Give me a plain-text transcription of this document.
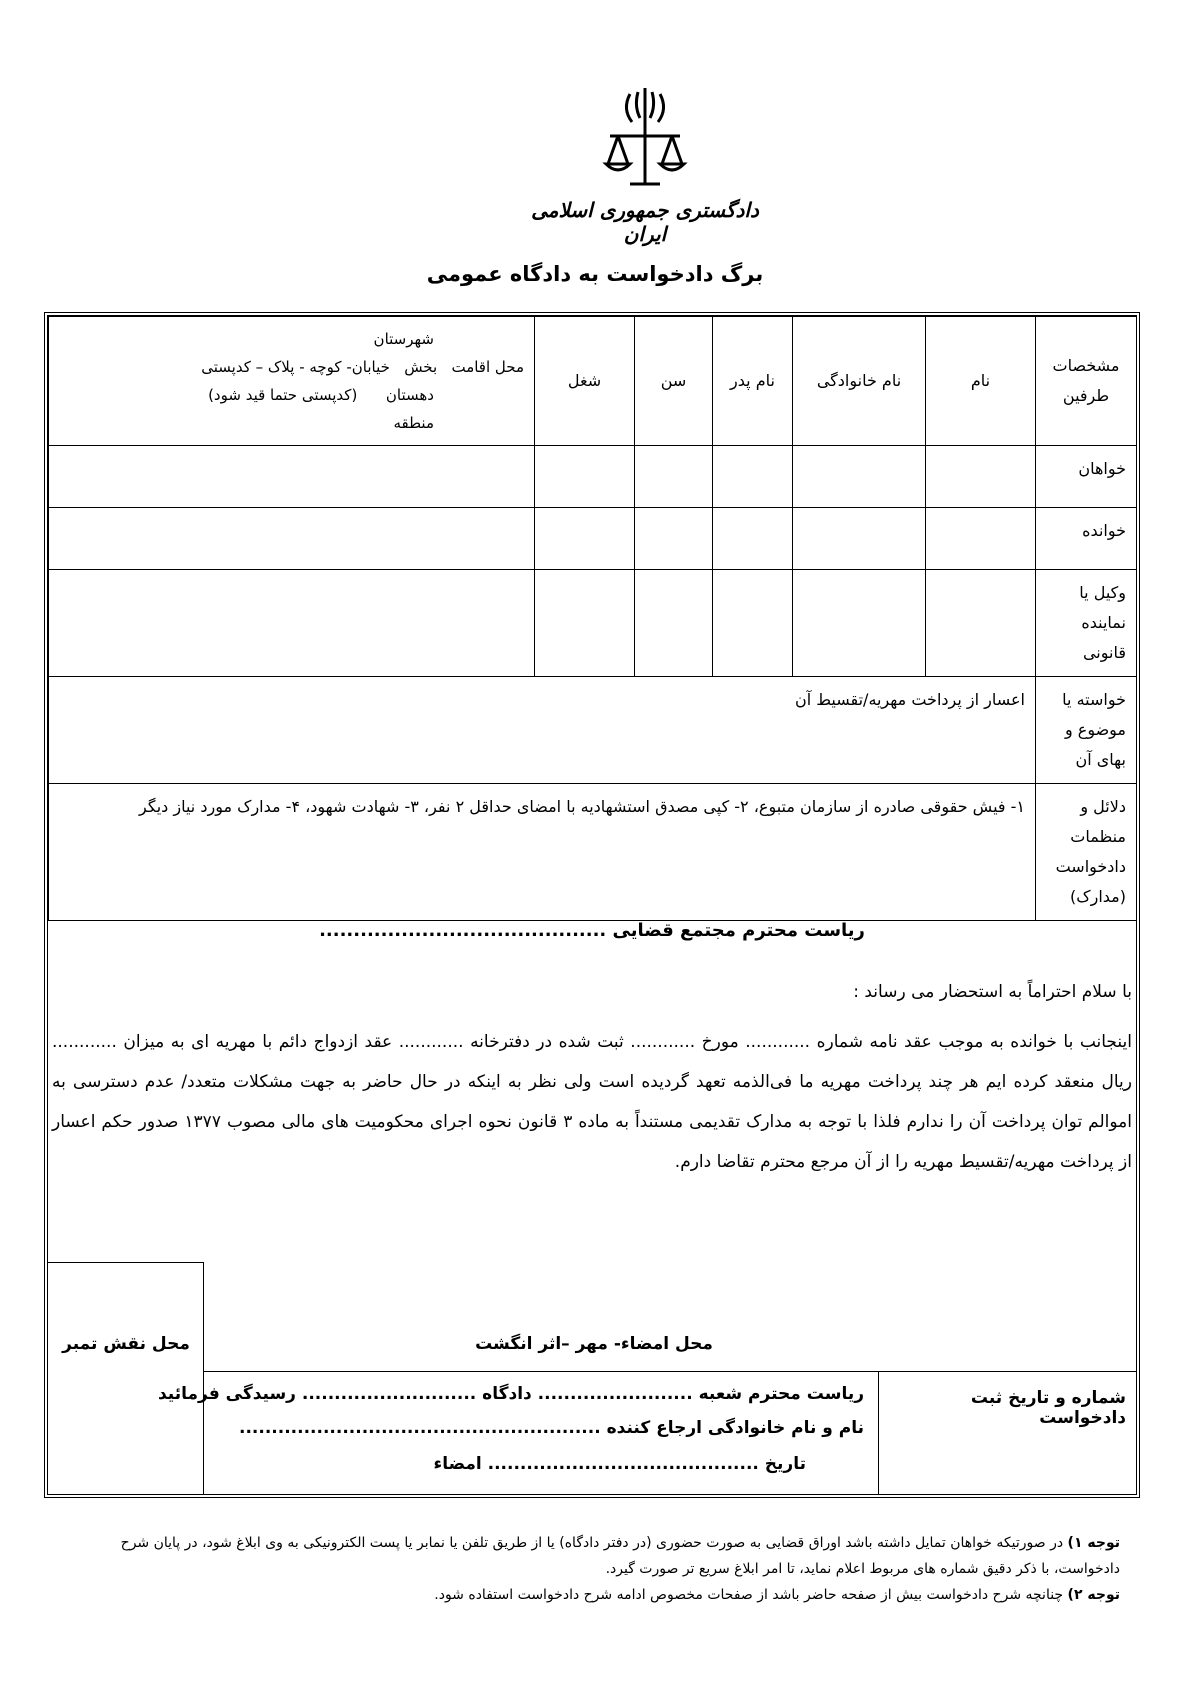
دادگستری جمهوری اسلامی ایران
برگ دادخواست به دادگاه عمومی
مشخصات طرفین	نام	نام خانوادگی	نام پدر	سن	شغل	شهرستان
محل اقامت   بخش   خیابان- کوچه - پلاک – کدپستی
دهستان      (کدپستی حتما قید شود)
منطقه

خواهان						
خوانده						
وکیل یا نماینده قانونی						
خواسته یا موضوع و بهای آن	اعسار از پرداخت مهریه/تقسیط آن					
دلائل و منظمات دادخواست (مدارک)	۱- فیش حقوقی صادره از سازمان متبوع، ۲- کپی مصدق استشهادیه با امضای حداقل ۲ نفر، ۳- شهادت شهود، ۴- مدارک مورد نیاز دیگر					
ریاست محترم مجتمع قضایی ..........................................
با سلام احتراماً به استحضار می رساند :
اینجانب با خوانده به موجب عقد نامه شماره ............ مورخ ............ ثبت شده در دفترخانه ............ عقد ازدواج دائم با مهریه ای به میزان ............ ریال منعقد کرده ایم هر چند پرداخت مهریه ما فی‌الذمه تعهد گردیده است ولی نظر به اینکه در حال حاضر به جهت مشکلات متعدد/ عدم دسترسی به اموالم توان پرداخت آن را ندارم فلذا با توجه به مدارک تقدیمی مستنداً به ماده ۳ قانون نحوه اجرای محکومیت های مالی مصوب ۱۳۷۷ صدور حکم اعسار از پرداخت مهریه/تقسیط مهریه را از آن مرجع محترم تقاضا دارم.
محل نقش تمبر	محل امضاء- مهر –اثر انگشت
شماره و تاریخ ثبت دادخواست
ریاست محترم شعبه ........................ دادگاه ........................... رسیدگی فرمائید
نام و نام خانوادگی ارجاع کننده ........................................................
تاریخ .......................................... امضاء
توجه ۱) در صورتیکه خواهان تمایل داشته باشد اوراق قضایی به صورت حضوری (در دفتر دادگاه) یا از طریق تلفن یا نمابر یا پست الکترونیکی به وی ابلاغ شود، در پایان شرح دادخواست، با ذکر دقیق شماره های مربوط اعلام نماید، تا امر ابلاغ سریع تر صورت گیرد.
توجه ۲) چنانچه شرح دادخواست بیش از صفحه حاضر باشد از صفحات مخصوص ادامه شرح دادخواست استفاده شود.
